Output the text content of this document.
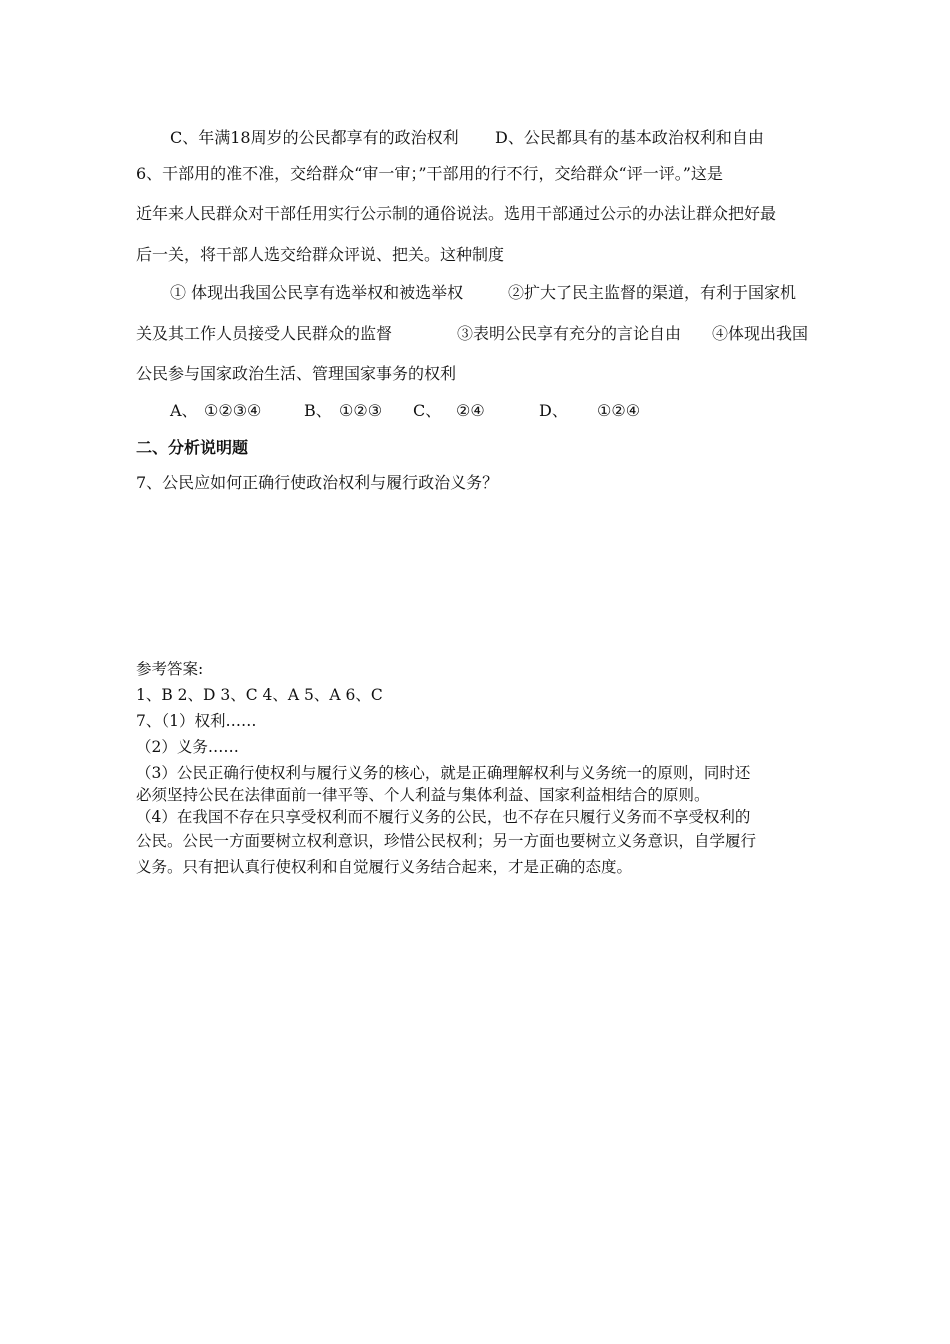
C、年满18周岁的公民都享有的政治权利 D、公民都具有的基本政治权利和自由
6、干部用的准不准，交给群众“审一审；”干部用的行不行，交给群众“评一评。”这是
近年来人民群众对干部任用实行公示制的通俗说法。选用干部通过公示的办法让群众把好最
后一关，将干部人选交给群众评说、把关。这种制度
① 体现出我国公民享有选举权和被选举权	②扩大了民主监督的渠道，有利于国家机
关及其工作人员接受人民群众的监督	③表明公民享有充分的言论自由 ④体现出我国
公民参与国家政治生活、管理国家事务的权利
A、 ①②③④	B、 ①②③ C、 ②④	D、 ①②④
二、分析说明题
7、公民应如何正确行使政治权利与履行政治义务？
参考答案:
1、B 2、D 3、C 4、A 5、A 6、C
7、（1）权利……
（2）义务……
（3）公民正确行使权利与履行义务的核心，就是正确理解权利与义务统一的原则，同时还
必须坚持公民在法律面前一律平等、个人利益与集体利益、国家利益相结合的原则。
（4）在我国不存在只享受权利而不履行义务的公民，也不存在只履行义务而不享受权利的
公民。公民一方面要树立权利意识，珍惜公民权利；另一方面也要树立义务意识，自学履行
义务。只有把认真行使权利和自觉履行义务结合起来，才是正确的态度。
